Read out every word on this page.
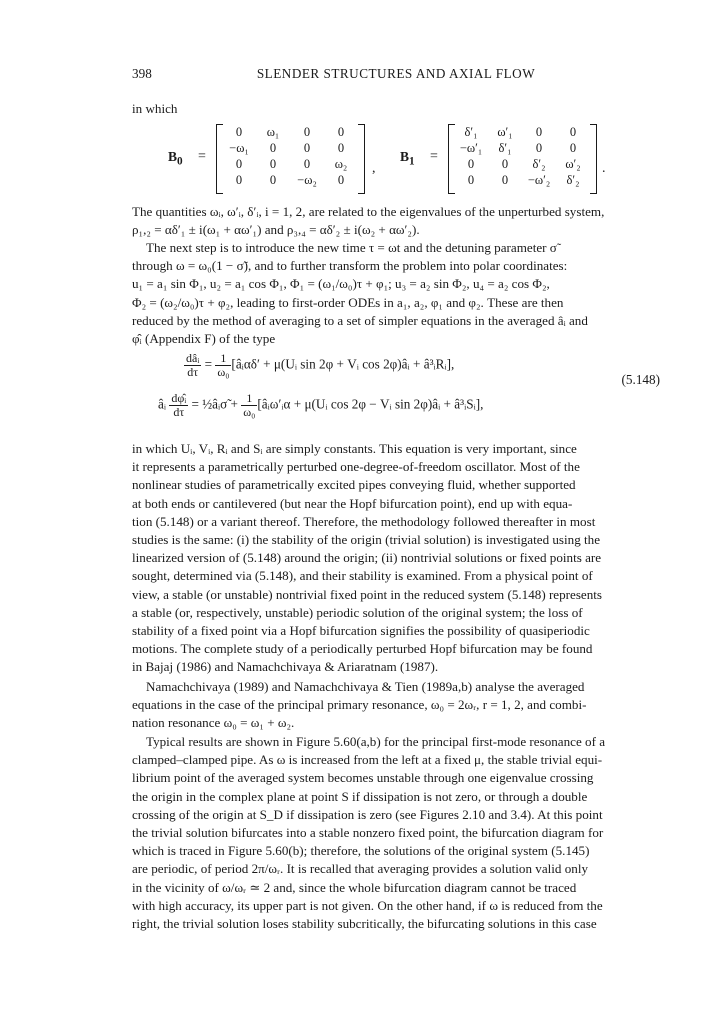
398	SLENDER STRUCTURES AND AXIAL FLOW
in which
$B_0$ =
0	ω₁	0	0
−ω₁	0	0	0
0	0	0	ω₂
0	0	−ω₂	0
,
$B_1$ =
δ′₁	ω′₁	0	0
−ω′₁	δ′₁	0	0
0	0	δ′₂	ω′₂
0	0	−ω′₂	δ′₂
.
The quantities ωᵢ, ω′ᵢ, δ′ᵢ, i = 1, 2, are related to the eigenvalues of the unperturbed system,
ρ₁,₂ = αδ′₁ ± i(ω₁ + αω′₁) and ρ₃,₄ = αδ′₂ ± i(ω₂ + αω′₂).
The next step is to introduce the new time τ = ωt and the detuning parameter σ̃
through ω = ω₀(1 − σ̃), and to further transform the problem into polar coordinates:
u₁ = a₁ sin Φ₁, u₂ = a₁ cos Φ₁, Φ₁ = (ω₁/ω₀)τ + φ₁; u₃ = a₂ sin Φ₂, u₄ = a₂ cos Φ₂,
Φ₂ = (ω₂/ω₀)τ + φ₂, leading to first-order ODEs in a₁, a₂, φ₁ and φ₂. These are then
reduced by the method of averaging to a set of simpler equations in the averaged âᵢ and
φ̂ᵢ (Appendix F) of the type
$\frac{\text{dâᵢ}}{d\tau} = \frac{1}{\text{ω₀}}$ [âᵢαδ′ + μ(Uᵢ sin 2φ + Vᵢ cos 2φ)âᵢ + â³ᵢRᵢ],
âᵢ $\frac{\text{dφ̂ᵢ}}{d\tau}$ = ½âᵢσ̃ + $\frac{1}{\text{ω₀}}$ [âᵢω′ᵢα + μ(Uᵢ cos 2φ − Vᵢ sin 2φ)âᵢ + â³ᵢSᵢ],
(5.148)
in which Uᵢ, Vᵢ, Rᵢ and Sᵢ are simply constants. This equation is very important, since
it represents a parametrically perturbed one-degree-of-freedom oscillator. Most of the
nonlinear studies of parametrically excited pipes conveying fluid, whether supported
at both ends or cantilevered (but near the Hopf bifurcation point), end up with equa-
tion (5.148) or a variant thereof. Therefore, the methodology followed thereafter in most
studies is the same: (i) the stability of the origin (trivial solution) is investigated using the
linearized version of (5.148) around the origin; (ii) nontrivial solutions or fixed points are
sought, determined via (5.148), and their stability is examined. From a physical point of
view, a stable (or unstable) nontrivial fixed point in the reduced system (5.148) represents
a stable (or, respectively, unstable) periodic solution of the original system; the loss of
stability of a fixed point via a Hopf bifurcation signifies the possibility of quasiperiodic
motions. The complete study of a periodically perturbed Hopf bifurcation may be found
in Bajaj (1986) and Namachchivaya & Ariaratnam (1987).
Namachchivaya (1989) and Namachchivaya & Tien (1989a,b) analyse the averaged
equations in the case of the principal primary resonance, ω₀ = 2ωᵣ, r = 1, 2, and combi-
nation resonance ω₀ = ω₁ + ω₂.
Typical results are shown in Figure 5.60(a,b) for the principal first-mode resonance of a
clamped–clamped pipe. As ω is increased from the left at a fixed μ, the stable trivial equi-
librium point of the averaged system becomes unstable through one eigenvalue crossing
the origin in the complex plane at point S if dissipation is not zero, or through a double
crossing of the origin at S_D if dissipation is zero (see Figures 2.10 and 3.4). At this point
the trivial solution bifurcates into a stable nonzero fixed point, the bifurcation diagram for
which is traced in Figure 5.60(b); therefore, the solutions of the original system (5.145)
are periodic, of period 2π/ωᵣ. It is recalled that averaging provides a solution valid only
in the vicinity of ω/ωᵣ ≃ 2 and, since the whole bifurcation diagram cannot be traced
with high accuracy, its upper part is not given. On the other hand, if ω is reduced from the
right, the trivial solution loses stability subcritically, the bifurcating solutions in this case
